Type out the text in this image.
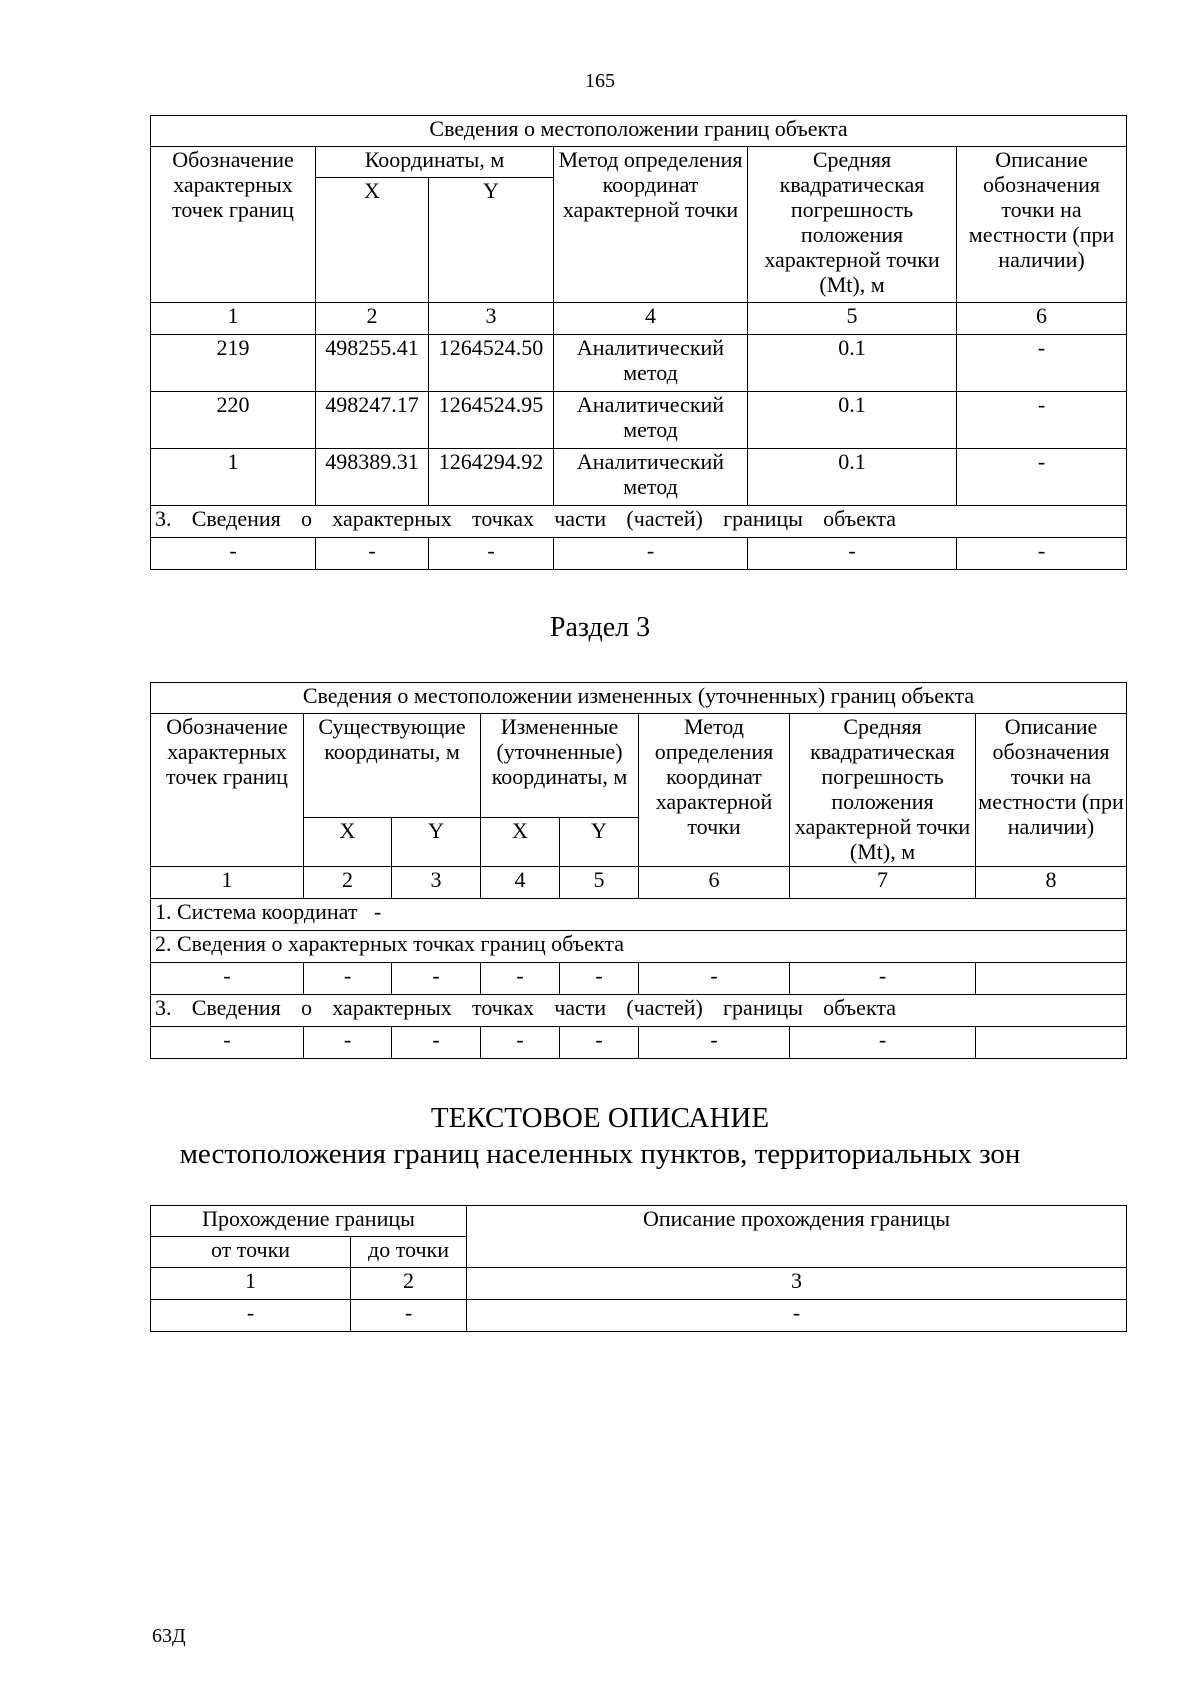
165
Сведения о местоположении границ объекта					
Обозначение характерных точек границ	Координаты, м		Метод определения координат характерной точки	Средняя квадратическая погрешность положения характерной точки (Mt), м	Описание обозначения точки на местности (при наличии)
	X	Y			
1	2	3	4	5	6
219	498255.41	1264524.50	Аналитический метод	0.1	-
220	498247.17	1264524.95	Аналитический метод	0.1	-
1	498389.31	1264294.92	Аналитический метод	0.1	-
3. Сведения о характерных точках части (частей) границы объекта					
-	-	-	-	-	-
Раздел 3
Сведения о местоположении измененных (уточненных) границ объекта							
Обозначение характерных точек границ	Существующие координаты, м		Измененные (уточненные) координаты, м		Метод определения координат характерной точки	Средняя квадратическая погрешность положения характерной точки (Mt), м	Описание обозначения точки на местности (при наличии)
	X	Y	X	Y			
1	2	3	4	5	6	7	8
1. Система координат   -							
2. Сведения о характерных точках границ объекта							
-	-	-	-	-	-	-	
3. Сведения о характерных точках части (частей) границы объекта							
-	-	-	-	-	-	-	
ТЕКСТОВОЕ ОПИСАНИЕ
местоположения границ населенных пунктов, территориальных зон
Прохождение границы		Описание прохождения границы
от точки	до точки	
1	2	3
-	-	-
63Д
